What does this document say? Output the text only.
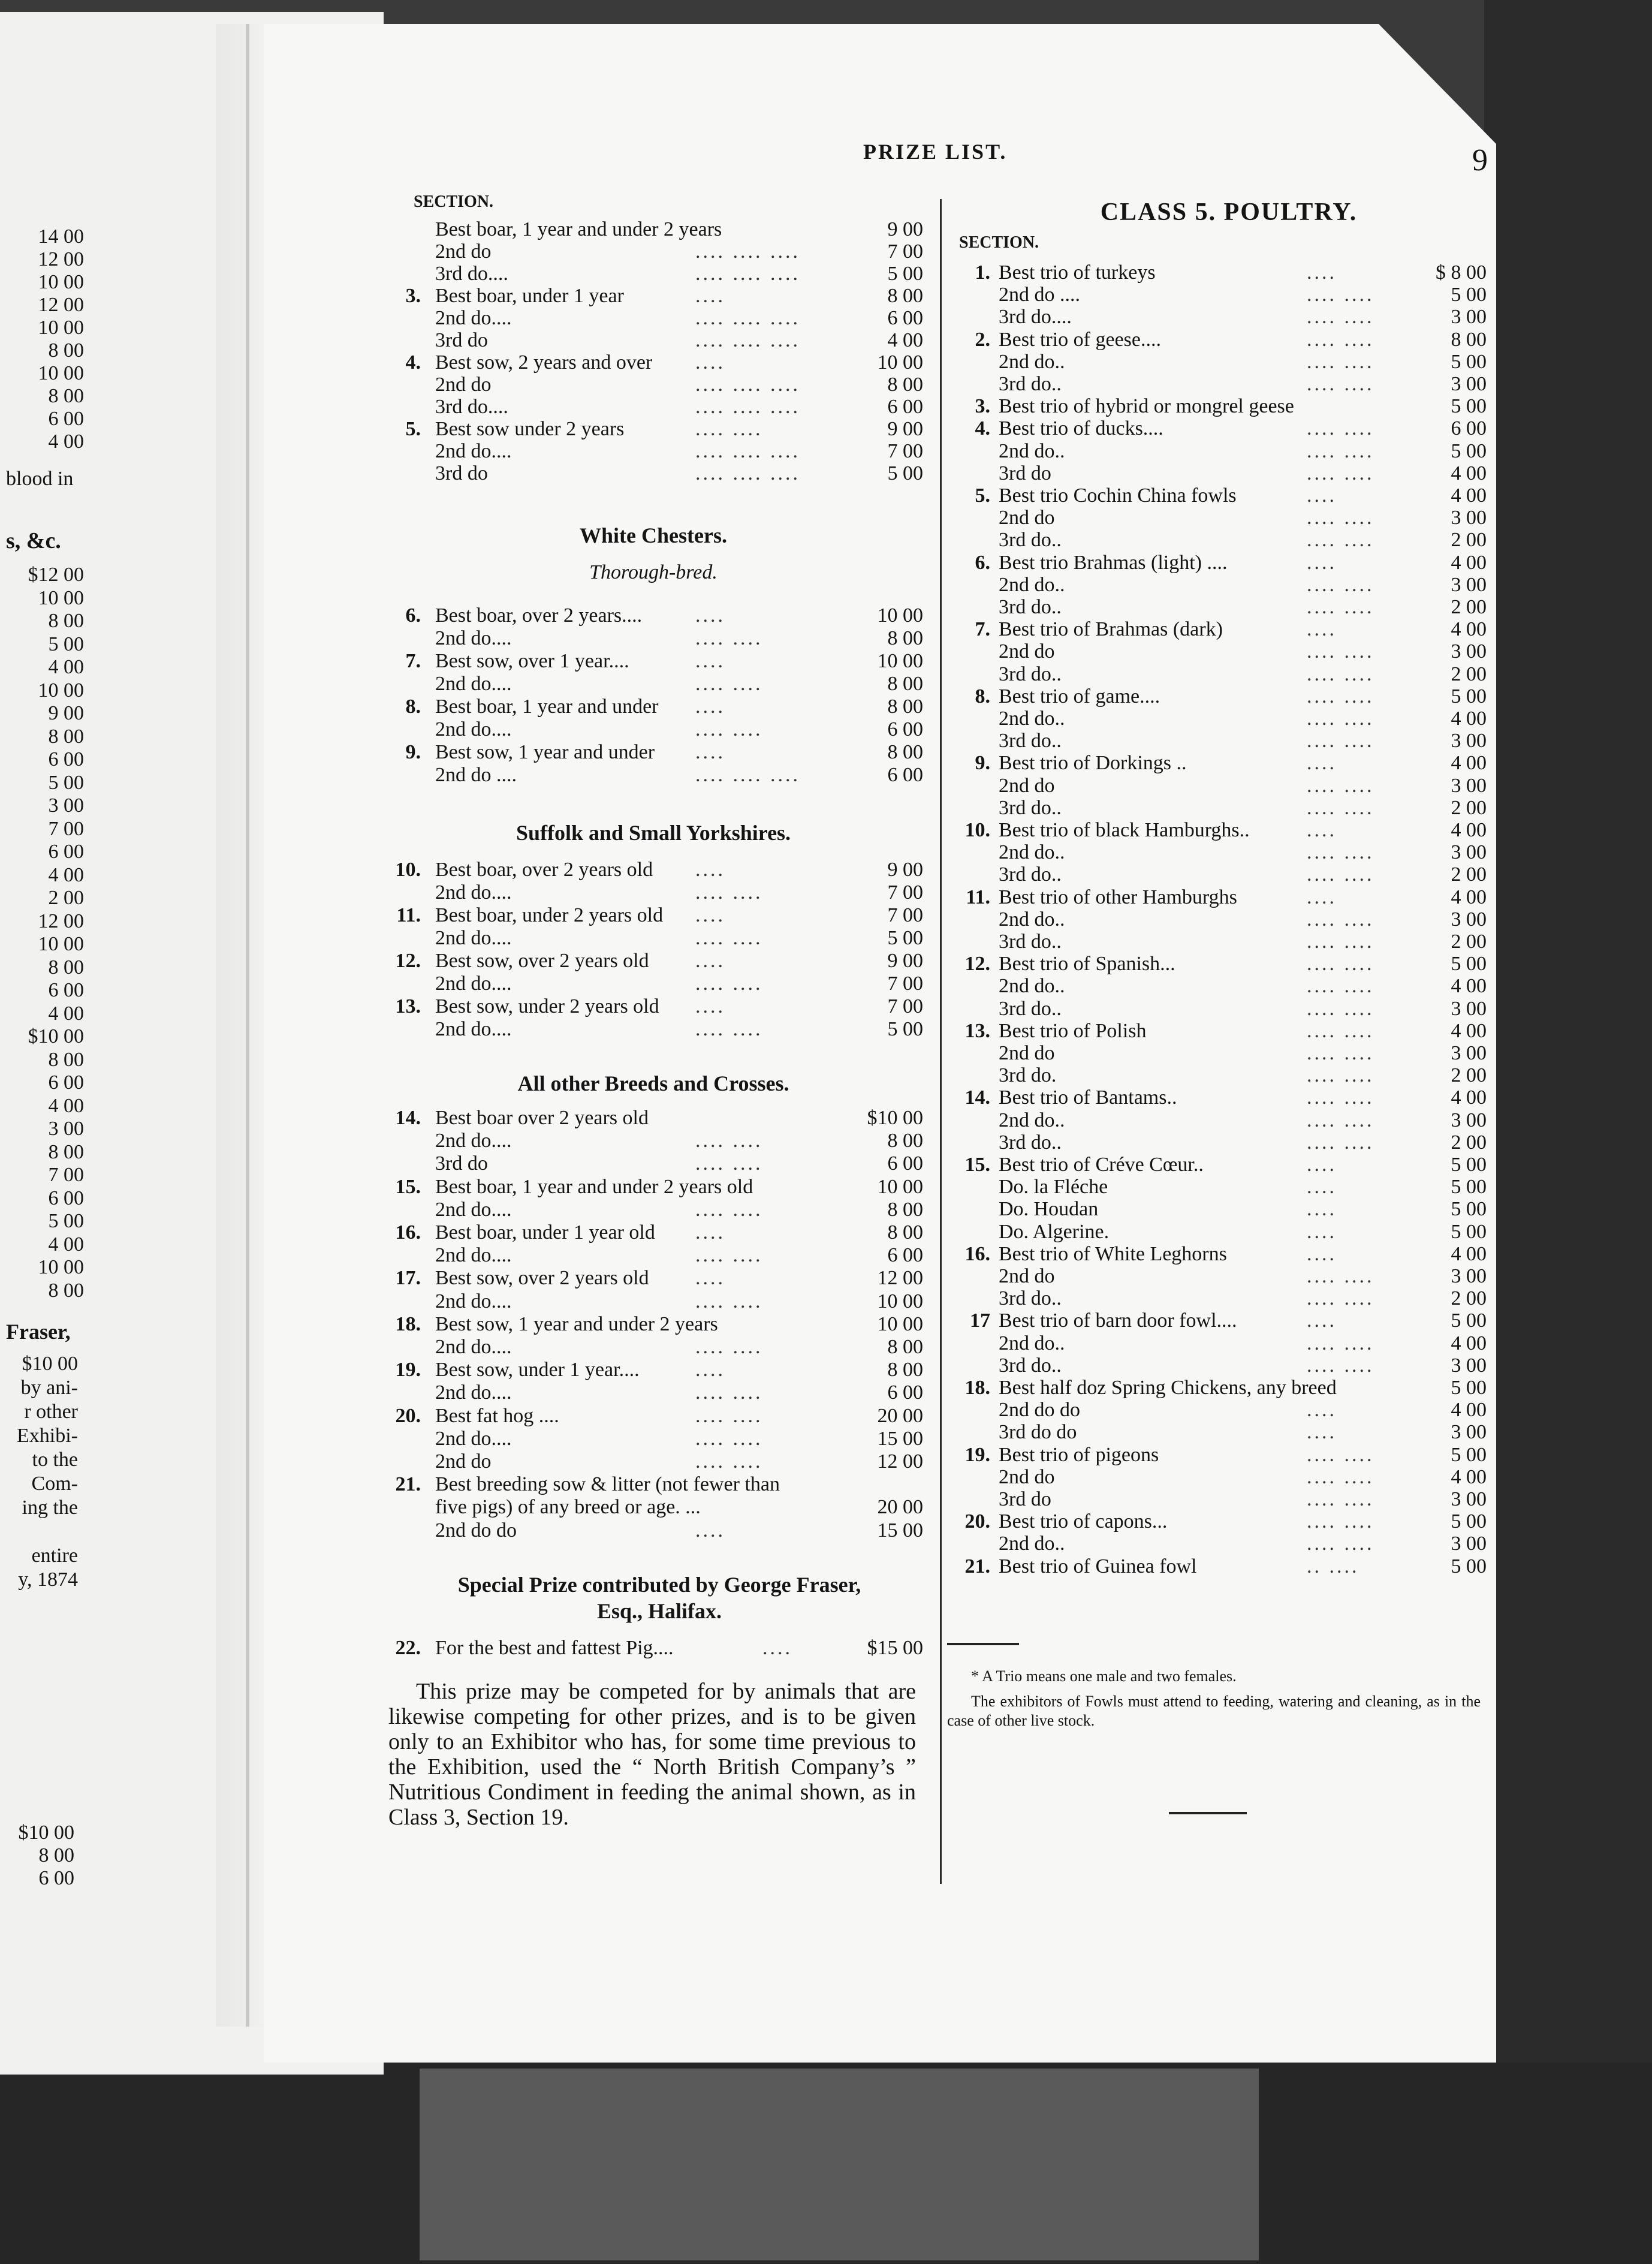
14 00
12 00
10 00
12 00
10 00
8 00
10 00
8 00
6 00
4 00
blood in
s, &c.
$12 00
10 00
8 00
5 00
4 00
10 00
9 00
8 00
6 00
5 00
3 00
7 00
6 00
4 00
2 00
12 00
10 00
8 00
6 00
4 00
$10 00
8 00
6 00
4 00
3 00
8 00
7 00
6 00
5 00
4 00
10 00
8 00
Fraser,
$10 00
by ani-
r other
Exhibi-
to the
Com-
ing the
entire
y, 1874
$10 00
8 00
6 00
PRIZE LIST.	9
SECTION.
Best boar, 1 year and under 2 years	9 00
2nd do	.... .... ....	7 00
3rd do....	.... .... ....	5 00
3. Best boar, under 1 year	....	8 00
2nd do....	.... .... ....	6 00
3rd do	.... .... ....	4 00
4. Best sow, 2 years and over ....	10 00
2nd do	.... .... ....	8 00
3rd do....	.... .... ....	6 00
5. Best sow under 2 years	.... ....	9 00
2nd do....	.... .... ....	7 00
3rd do	.... .... ....	5 00
White Chesters.
Thorough-bred.
6. Best boar, over 2 years....	....	10 00
2nd do....	.... ....	8 00
7. Best sow, over 1 year....	....	10 00
2nd do....	.... ....	8 00
8. Best boar, 1 year and under ....	8 00
2nd do....	.... ....	6 00
9. Best sow, 1 year and under ....	8 00
2nd do ....	.... .... ....	6 00
Suffolk and Small Yorkshires.
10. Best boar, over 2 years old ....	9 00
2nd do....	.... ....	7 00
11. Best boar, under 2 years old ....	7 00
2nd do....	.... ....	5 00
12. Best sow, over 2 years old ....	9 00
2nd do....	.... ....	7 00
13. Best sow, under 2 years old ....	7 00
2nd do....	.... ....	5 00
All other Breeds and Crosses.
14. Best boar over 2 years old	$10 00
2nd do....	.... ....	8 00
3rd do	.... ....	6 00
15. Best boar, 1 year and under 2 years old	10 00
2nd do....	.... ....	8 00
16. Best boar, under 1 year old ....	8 00
2nd do....	.... ....	6 00
17. Best sow, over 2 years old ....	12 00
2nd do....	.... ....	10 00
18. Best sow, 1 year and under 2 years	10 00
2nd do....	.... ....	8 00
19. Best sow, under 1 year....	....	8 00
2nd do....	.... ....	6 00
20. Best fat hog ....	.... ....	20 00
2nd do....	.... ....	15 00
2nd do	.... ....	12 00
21. Best breeding sow & litter (not fewer than
five pigs) of any breed or age. ...	20 00
2nd do do	....	15 00
Special Prize contributed by George Fraser,
Esq., Halifax.
22. For the best and fattest Pig....	....	$15 00
This prize may be competed for by animals that are likewise competing for other prizes, and is to be given only to an Exhibitor who has, for some time previous to the Exhibition, used the “ North British Company’s ” Nutritious Condiment in feeding the animal shown, as in Class 3, Section 19.
CLASS 5. POULTRY.
SECTION.
1. Best trio of turkeys	....	$ 8 00
2nd do ....	.... ....	5 00
3rd do....	.... ....	3 00
2. Best trio of geese....	.... ....	8 00
2nd do..	.... ....	5 00
3rd do..	.... ....	3 00
3. Best trio of hybrid or mongrel geese	5 00
4. Best trio of ducks....	.... ....	6 00
2nd do..	.... ....	5 00
3rd do	.... ....	4 00
5. Best trio Cochin China fowls	....	4 00
2nd do	.... ....	3 00
3rd do..	.... ....	2 00
6. Best trio Brahmas (light) ....	....	4 00
2nd do..	.... ....	3 00
3rd do..	.... ....	2 00
7. Best trio of Brahmas (dark)	....	4 00
2nd do	.... ....	3 00
3rd do..	.... ....	2 00
8. Best trio of game....	.... ....	5 00
2nd do..	.... ....	4 00
3rd do..	.... ....	3 00
9. Best trio of Dorkings ..	....	4 00
2nd do	.... ....	3 00
3rd do..	.... ....	2 00
10. Best trio of black Hamburghs..	....	4 00
2nd do..	.... ....	3 00
3rd do..	.... ....	2 00
11. Best trio of other Hamburghs	....	4 00
2nd do..	.... ....	3 00
3rd do..	.... ....	2 00
12. Best trio of Spanish...	.... ....	5 00
2nd do..	.... ....	4 00
3rd do..	.... ....	3 00
13. Best trio of Polish	.... ....	4 00
2nd do	.... ....	3 00
3rd do.	.... ....	2 00
14. Best trio of Bantams..	.... ....	4 00
2nd do..	.... ....	3 00
3rd do..	.... ....	2 00
15. Best trio of Créve Cœur..	....	5 00
Do. la Fléche	....	5 00
Do. Houdan	....	5 00
Do. Algerine.	....	5 00
16. Best trio of White Leghorns	....	4 00
2nd do	.... ....	3 00
3rd do..	.... ....	2 00
17 Best trio of barn door fowl....	....	5 00
2nd do..	.... ....	4 00
3rd do..	.... ....	3 00
18. Best half doz Spring Chickens, any breed	5 00
2nd do do	....	4 00
3rd do do	....	3 00
19. Best trio of pigeons	.... ....	5 00
2nd do	.... ....	4 00
3rd do	.... ....	3 00
20. Best trio of capons...	.... ....	5 00
2nd do..	.... ....	3 00
21. Best trio of Guinea fowl	.. ....	5 00
* A Trio means one male and two females.
The exhibitors of Fowls must attend to feeding, watering and cleaning, as in the case of other live stock.
